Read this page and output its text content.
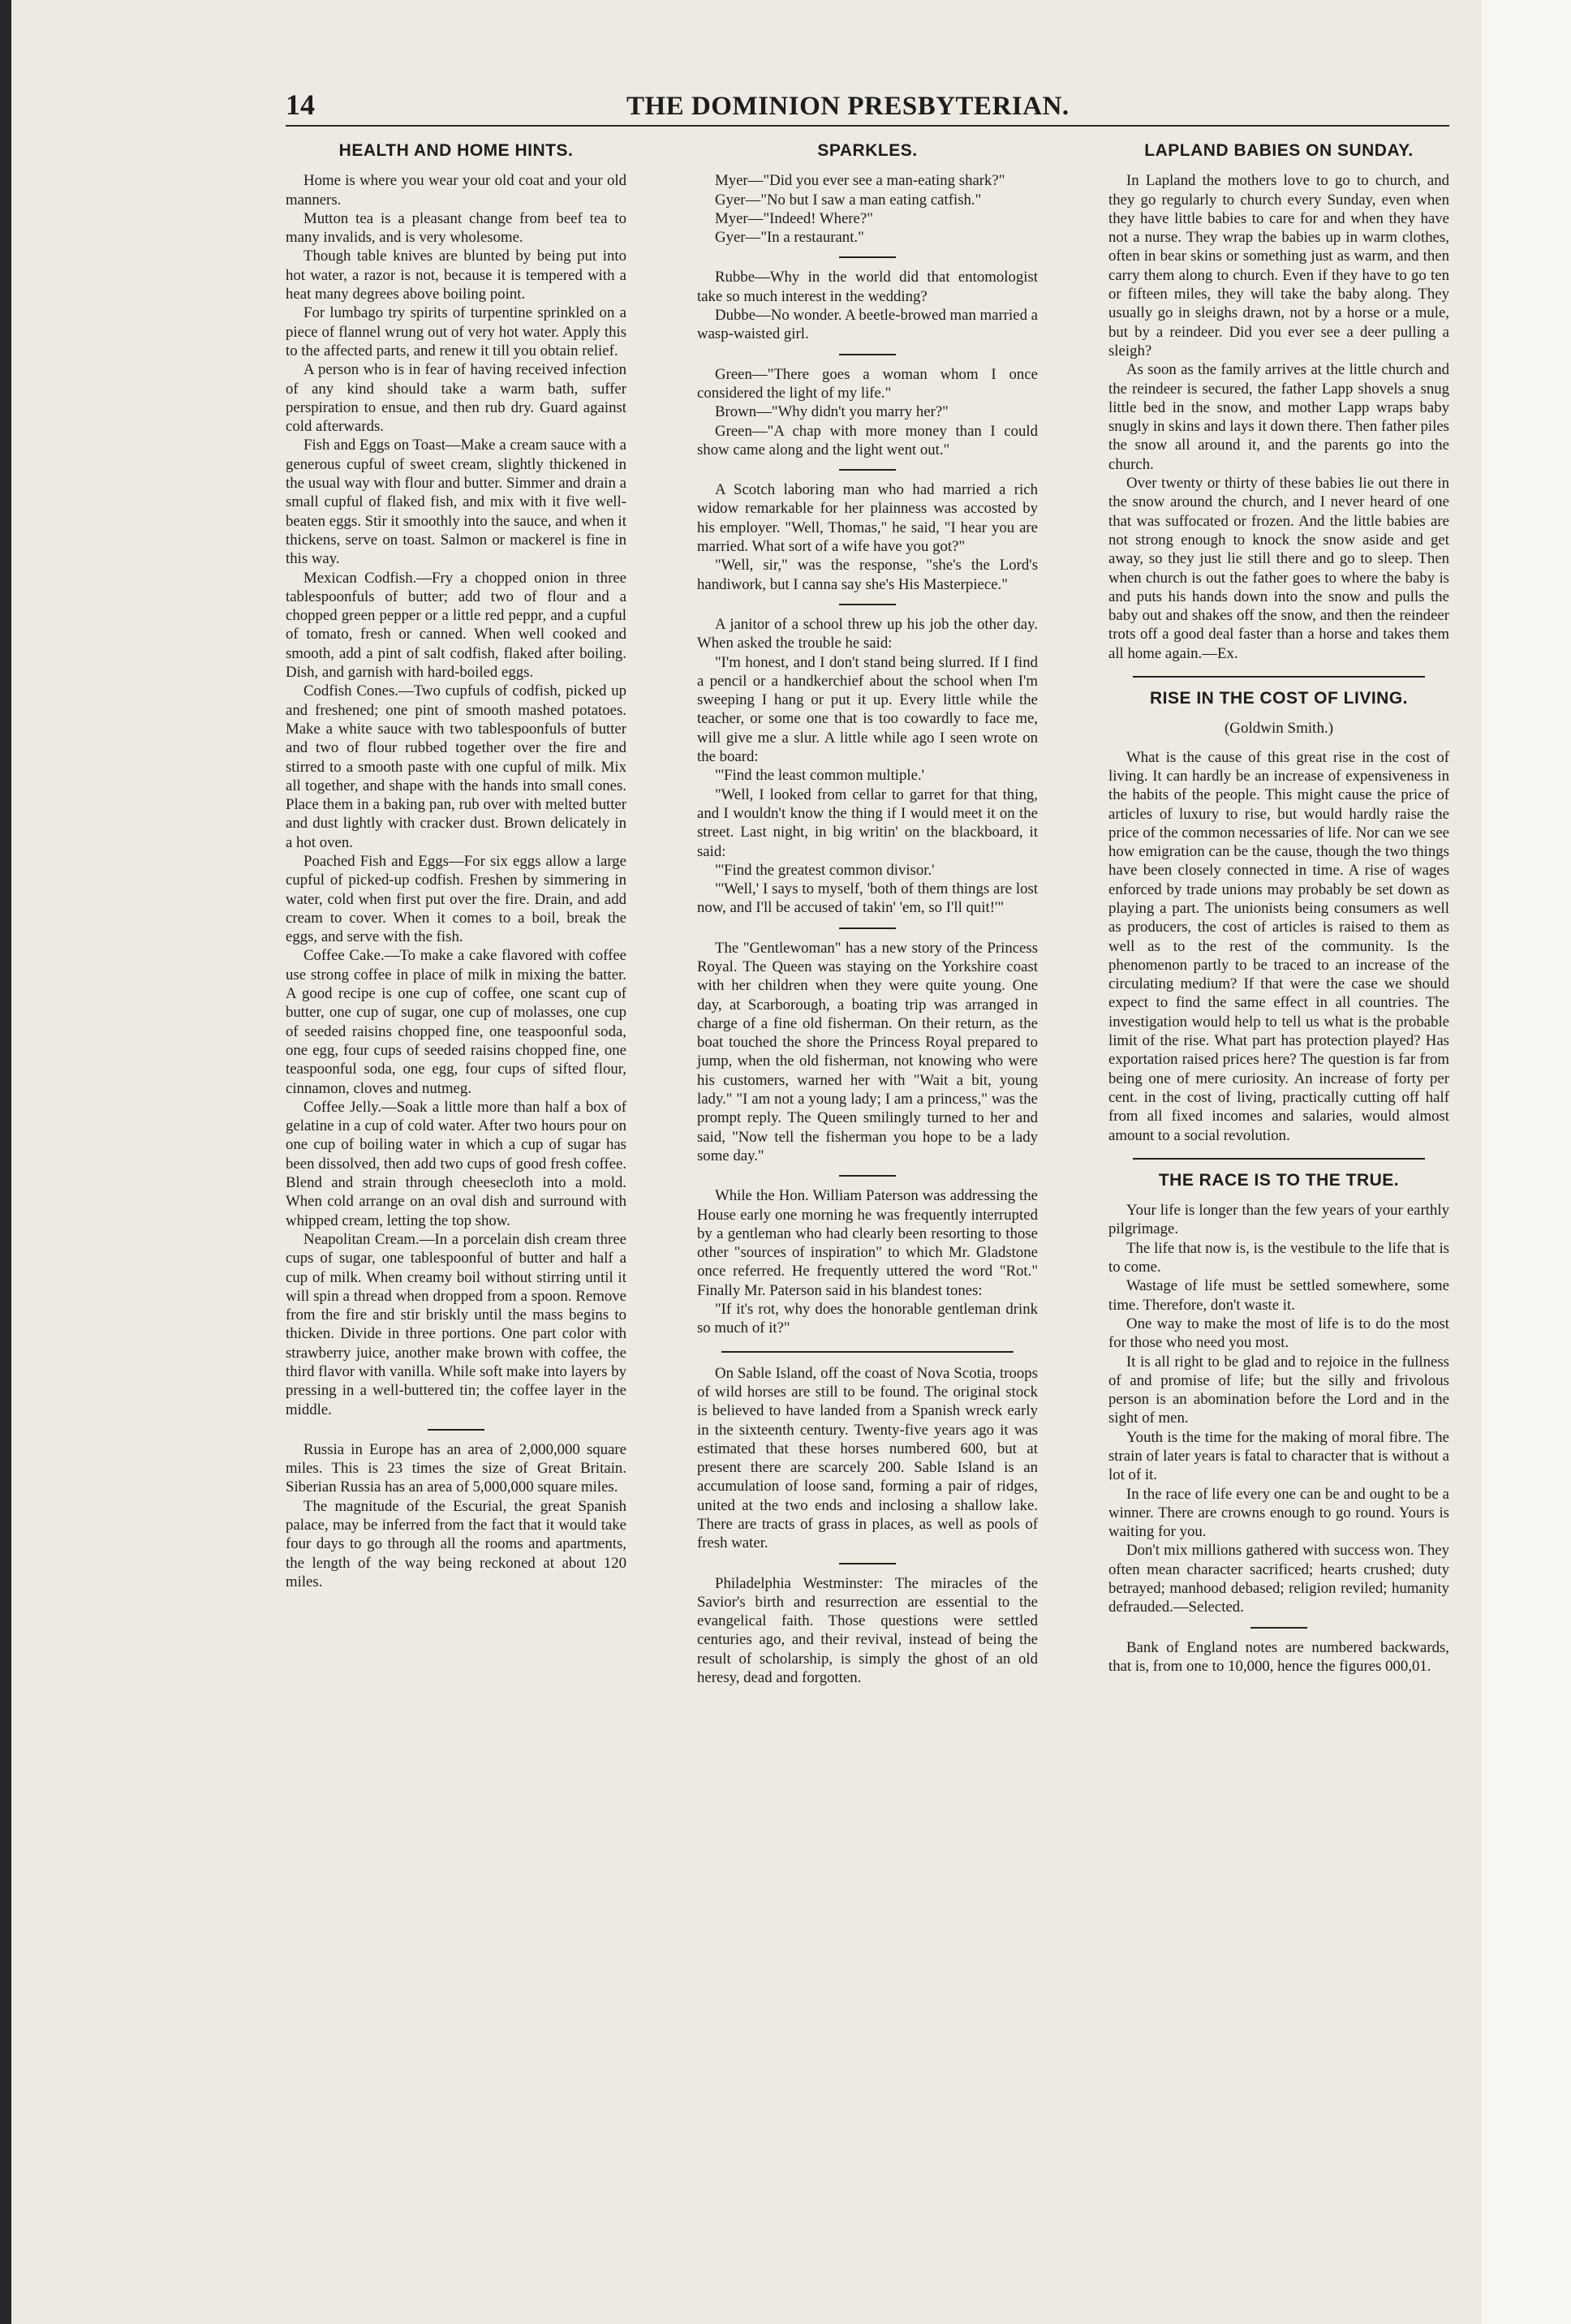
14	THE DOMINION PRESBYTERIAN.
HEALTH AND HOME HINTS.

Home is where you wear your old coat and your old manners.

Mutton tea is a pleasant change from beef tea to many invalids, and is very wholesome.

Though table knives are blunted by being put into hot water, a razor is not, because it is tempered with a heat many degrees above boiling point.

For lumbago try spirits of turpentine sprinkled on a piece of flannel wrung out of very hot water. Apply this to the affected parts, and renew it till you obtain relief.

A person who is in fear of having received infection of any kind should take a warm bath, suffer perspiration to ensue, and then rub dry. Guard against cold afterwards.

Fish and Eggs on Toast—Make a cream sauce with a generous cupful of sweet cream, slightly thickened in the usual way with flour and butter. Simmer and drain a small cupful of flaked fish, and mix with it five well-beaten eggs. Stir it smoothly into the sauce, and when it thickens, serve on toast. Salmon or mackerel is fine in this way.

Mexican Codfish.—Fry a chopped onion in three tablespoonfuls of butter; add two of flour and a chopped green pepper or a little red peppr, and a cupful of tomato, fresh or canned. When well cooked and smooth, add a pint of salt codfish, flaked after boiling. Dish, and garnish with hard-boiled eggs.

Codfish Cones.—Two cupfuls of codfish, picked up and freshened; one pint of smooth mashed potatoes. Make a white sauce with two tablespoonfuls of butter and two of flour rubbed together over the fire and stirred to a smooth paste with one cupful of milk. Mix all together, and shape with the hands into small cones. Place them in a baking pan, rub over with melted butter and dust lightly with cracker dust. Brown delicately in a hot oven.

Poached Fish and Eggs—For six eggs allow a large cupful of picked-up codfish. Freshen by simmering in water, cold when first put over the fire. Drain, and add cream to cover. When it comes to a boil, break the eggs, and serve with the fish.

Coffee Cake.—To make a cake flavored with coffee use strong coffee in place of milk in mixing the batter. A good recipe is one cup of coffee, one scant cup of butter, one cup of sugar, one cup of molasses, one cup of seeded raisins chopped fine, one teaspoonful soda, one egg, four cups of seeded raisins chopped fine, one teaspoonful soda, one egg, four cups of sifted flour, cinnamon, cloves and nutmeg.

Coffee Jelly.—Soak a little more than half a box of gelatine in a cup of cold water. After two hours pour on one cup of boiling water in which a cup of sugar has been dissolved, then add two cups of good fresh coffee. Blend and strain through cheesecloth into a mold. When cold arrange on an oval dish and surround with whipped cream, letting the top show.

Neapolitan Cream.—In a porcelain dish cream three cups of sugar, one tablespoonful of butter and half a cup of milk. When creamy boil without stirring until it will spin a thread when dropped from a spoon. Remove from the fire and stir briskly until the mass begins to thicken. Divide in three portions. One part color with strawberry juice, another make brown with coffee, the third flavor with vanilla. While soft make into layers by pressing in a well-buttered tin; the coffee layer in the middle.

Russia in Europe has an area of 2,000,000 square miles. This is 23 times the size of Great Britain. Siberian Russia has an area of 5,000,000 square miles.

The magnitude of the Escurial, the great Spanish palace, may be inferred from the fact that it would take four days to go through all the rooms and apartments, the length of the way being reckoned at about 120 miles.

SPARKLES.

Myer—"Did you ever see a man-eating shark?"

Gyer—"No but I saw a man eating catfish."

Myer—"Indeed! Where?"

Gyer—"In a restaurant."

Rubbe—Why in the world did that entomologist take so much interest in the wedding?

Dubbe—No wonder. A beetle-browed man married a wasp-waisted girl.

Green—"There goes a woman whom I once considered the light of my life."

Brown—"Why didn't you marry her?"

Green—"A chap with more money than I could show came along and the light went out."

A Scotch laboring man who had married a rich widow remarkable for her plainness was accosted by his employer. "Well, Thomas," he said, "I hear you are married. What sort of a wife have you got?"

"Well, sir," was the response, "she's the Lord's handiwork, but I canna say she's His Masterpiece."

A janitor of a school threw up his job the other day. When asked the trouble he said:

"I'm honest, and I don't stand being slurred. If I find a pencil or a handkerchief about the school when I'm sweeping I hang or put it up. Every little while the teacher, or some one that is too cowardly to face me, will give me a slur. A little while ago I seen wrote on the board:

"'Find the least common multiple.'

"Well, I looked from cellar to garret for that thing, and I wouldn't know the thing if I would meet it on the street. Last night, in big writin' on the blackboard, it said:

"'Find the greatest common divisor.'

"'Well,' I says to myself, 'both of them things are lost now, and I'll be accused of takin' 'em, so I'll quit!'"

The "Gentlewoman" has a new story of the Princess Royal. The Queen was staying on the Yorkshire coast with her children when they were quite young. One day, at Scarborough, a boating trip was arranged in charge of a fine old fisherman. On their return, as the boat touched the shore the Princess Royal prepared to jump, when the old fisherman, not knowing who were his customers, warned her with "Wait a bit, young lady." "I am not a young lady; I am a princess," was the prompt reply. The Queen smilingly turned to her and said, "Now tell the fisherman you hope to be a lady some day."

While the Hon. William Paterson was addressing the House early one morning he was frequently interrupted by a gentleman who had clearly been resorting to those other "sources of inspiration" to which Mr. Gladstone once referred. He frequently uttered the word "Rot." Finally Mr. Paterson said in his blandest tones:

"If it's rot, why does the honorable gentleman drink so much of it?"

On Sable Island, off the coast of Nova Scotia, troops of wild horses are still to be found. The original stock is believed to have landed from a Spanish wreck early in the sixteenth century. Twenty-five years ago it was estimated that these horses numbered 600, but at present there are scarcely 200. Sable Island is an accumulation of loose sand, forming a pair of ridges, united at the two ends and inclosing a shallow lake. There are tracts of grass in places, as well as pools of fresh water.

Philadelphia Westminster: The miracles of the Savior's birth and resurrection are essential to the evangelical faith. Those questions were settled centuries ago, and their revival, instead of being the result of scholarship, is simply the ghost of an old heresy, dead and forgotten.

LAPLAND BABIES ON SUNDAY.

In Lapland the mothers love to go to church, and they go regularly to church every Sunday, even when they have little babies to care for and when they have not a nurse. They wrap the babies up in warm clothes, often in bear skins or something just as warm, and then carry them along to church. Even if they have to go ten or fifteen miles, they will take the baby along. They usually go in sleighs drawn, not by a horse or a mule, but by a reindeer. Did you ever see a deer pulling a sleigh?

As soon as the family arrives at the little church and the reindeer is secured, the father Lapp shovels a snug little bed in the snow, and mother Lapp wraps baby snugly in skins and lays it down there. Then father piles the snow all around it, and the parents go into the church.

Over twenty or thirty of these babies lie out there in the snow around the church, and I never heard of one that was suffocated or frozen. And the little babies are not strong enough to knock the snow aside and get away, so they just lie still there and go to sleep. Then when church is out the father goes to where the baby is and puts his hands down into the snow and pulls the baby out and shakes off the snow, and then the reindeer trots off a good deal faster than a horse and takes them all home again.—Ex.

RISE IN THE COST OF LIVING.
(Goldwin Smith.)

What is the cause of this great rise in the cost of living. It can hardly be an increase of expensiveness in the habits of the people. This might cause the price of articles of luxury to rise, but would hardly raise the price of the common necessaries of life. Nor can we see how emigration can be the cause, though the two things have been closely connected in time. A rise of wages enforced by trade unions may probably be set down as playing a part. The unionists being consumers as well as producers, the cost of articles is raised to them as well as to the rest of the community. Is the phenomenon partly to be traced to an increase of the circulating medium? If that were the case we should expect to find the same effect in all countries. The investigation would help to tell us what is the probable limit of the rise. What part has protection played? Has exportation raised prices here? The question is far from being one of mere curiosity. An increase of forty per cent. in the cost of living, practically cutting off half from all fixed incomes and salaries, would almost amount to a social revolution.

THE RACE IS TO THE TRUE.

Your life is longer than the few years of your earthly pilgrimage.

The life that now is, is the vestibule to the life that is to come.

Wastage of life must be settled somewhere, some time. Therefore, don't waste it.

One way to make the most of life is to do the most for those who need you most.

It is all right to be glad and to rejoice in the fullness of and promise of life; but the silly and frivolous person is an abomination before the Lord and in the sight of men.

Youth is the time for the making of moral fibre. The strain of later years is fatal to character that is without a lot of it.

In the race of life every one can be and ought to be a winner. There are crowns enough to go round. Yours is waiting for you.

Don't mix millions gathered with success won. They often mean character sacrificed; hearts crushed; duty betrayed; manhood debased; religion reviled; humanity defrauded.—Selected.

Bank of England notes are numbered backwards, that is, from one to 10,000, hence the figures 000,01.
